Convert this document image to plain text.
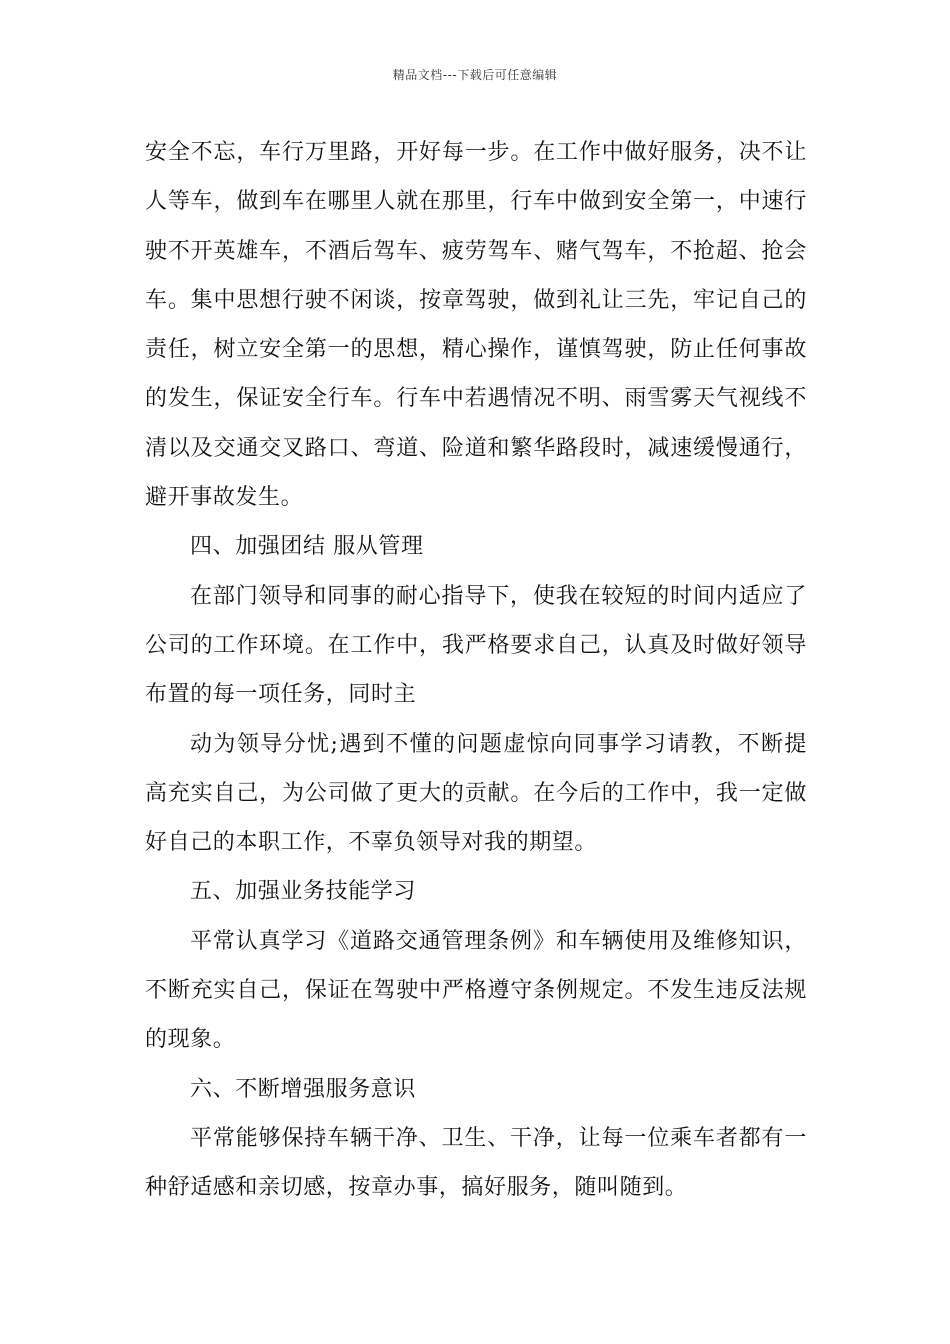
精品文档---下载后可任意编辑

安全不忘，车行万里路，开好每一步。在工作中做好服务，决不让人等车，做到车在哪里人就在那里，行车中做到安全第一，中速行驶不开英雄车，不酒后驾车、疲劳驾车、赌气驾车，不抢超、抢会车。集中思想行驶不闲谈，按章驾驶，做到礼让三先，牢记自己的责任，树立安全第一的思想，精心操作，谨慎驾驶，防止任何事故的发生，保证安全行车。行车中若遇情况不明、雨雪雾天气视线不清以及交通交叉路口、弯道、险道和繁华路段时，减速缓慢通行，避开事故发生。

四、加强团结 服从管理

在部门领导和同事的耐心指导下，使我在较短的时间内适应了公司的工作环境。在工作中，我严格要求自己，认真及时做好领导布置的每一项任务，同时主

动为领导分忧;遇到不懂的问题虚惊向同事学习请教，不断提高充实自己，为公司做了更大的贡献。在今后的工作中，我一定做好自己的本职工作，不辜负领导对我的期望。

五、加强业务技能学习

平常认真学习《道路交通管理条例》和车辆使用及维修知识，不断充实自己，保证在驾驶中严格遵守条例规定。不发生违反法规的现象。

六、不断增强服务意识

平常能够保持车辆干净、卫生、干净，让每一位乘车者都有一种舒适感和亲切感，按章办事，搞好服务，随叫随到。
